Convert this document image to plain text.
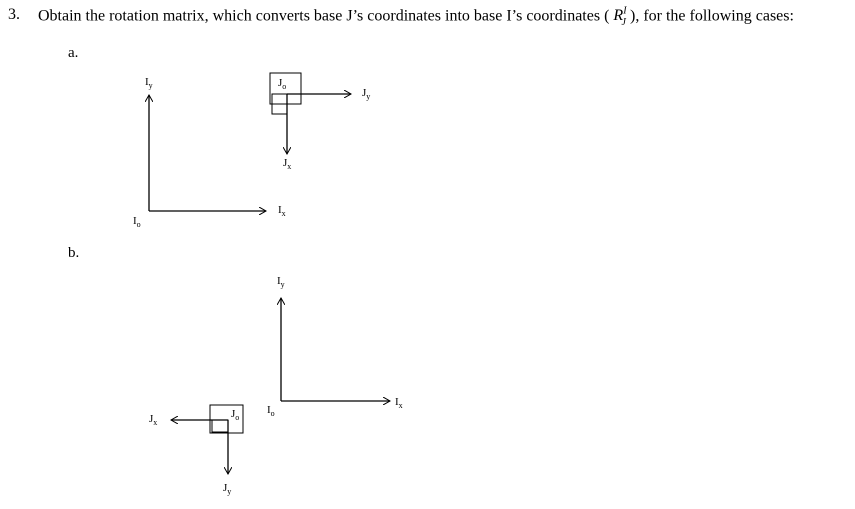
3. Obtain the rotation matrix, which converts base J’s coordinates into base I’s coordinates ( $R^I_J$ ), for the following cases:
a.
$I_y$
$I_x$
$I_o$
$J_o$
$J_y$
$J_x$
b.
$I_y$
$I_x$
$I_o$
$J_o$
$J_x$
$J_y$
